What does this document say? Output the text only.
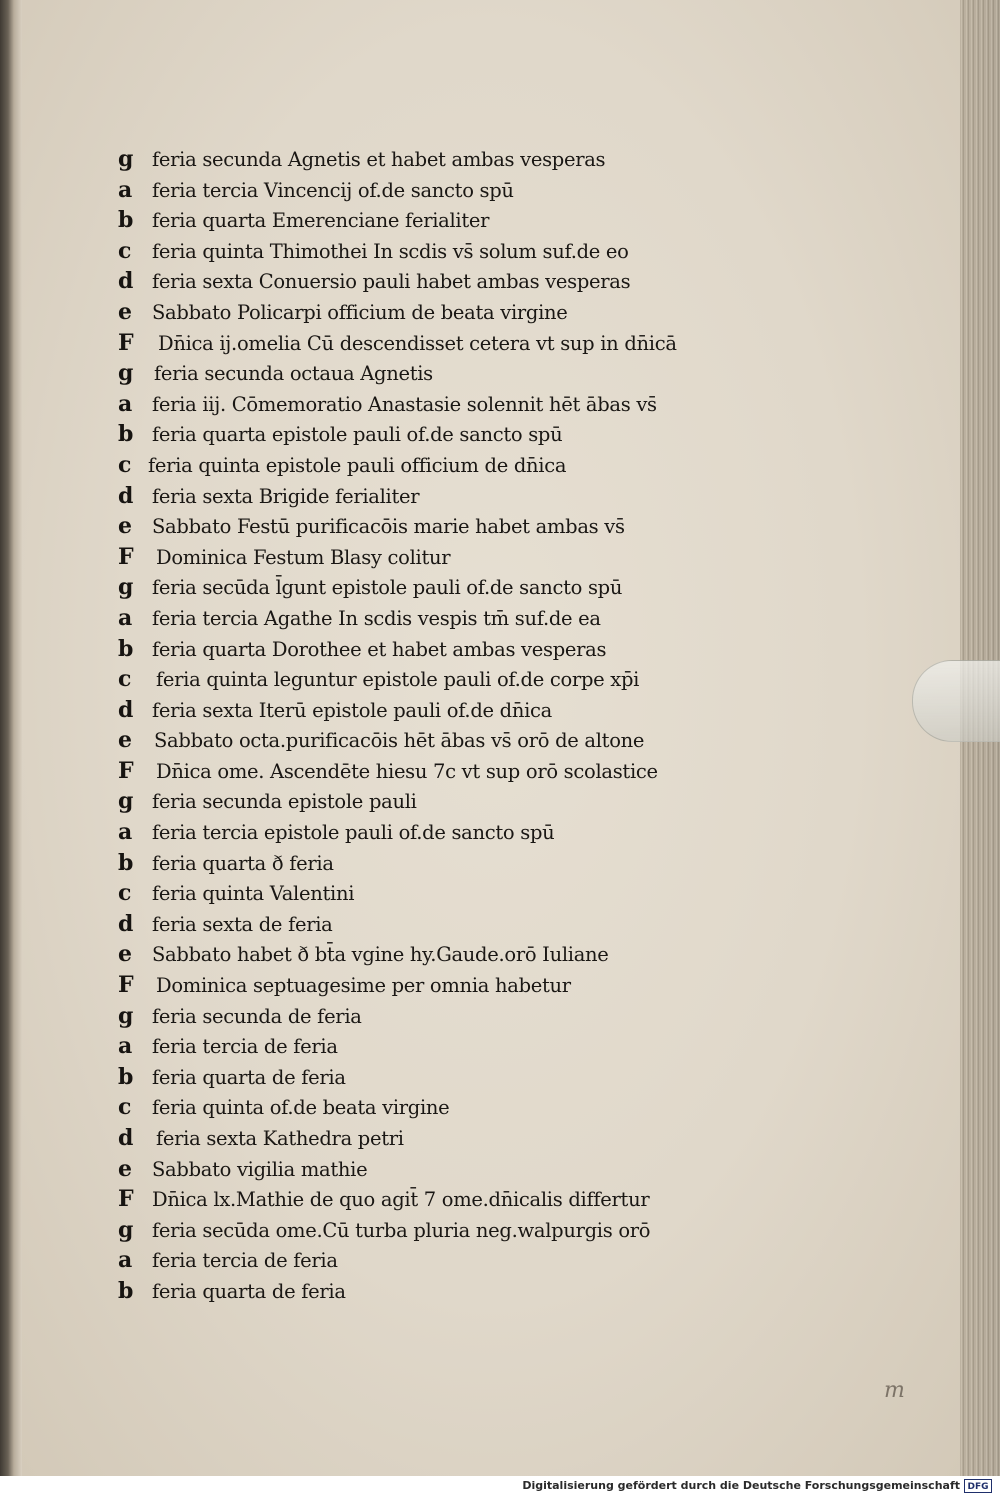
g feria secunda Agnetis et habet ambas vesperas
a	feria tercia Vincencij of.de sancto spū
b feria quarta Emerenciane ferialiter
c	feria quinta Thimothei In scdis vs̄ solum suf.de eo
d feria sexta Conuersio pauli habet ambas vesperas
e	Sabbato Policarpi officium de beata virgine
F	Dn̄ica ij.omelia Cū descendisset cetera vt sup in dn̄icā
g	feria secunda octaua Agnetis
a	feria iij. Cōmemoratio Anastasie solennit hēt ābas vs̄
b feria quarta epistole pauli of.de sancto spū
c feria quinta epistole pauli officium de dn̄ica
d feria sexta Brigide ferialiter
e	Sabbato Festū purificacōis marie habet ambas vs̄
F	Dominica Festum Blasy colitur
g feria secūda l̄gunt epistole pauli of.de sancto spū
a	feria tercia Agathe In scdis vespis tm̄ suf.de ea
b feria quarta Dorothee et habet ambas vesperas
c	feria quinta leguntur epistole pauli of.de corpe xp̄i
d feria sexta Iterū epistole pauli of.de dn̄ica
e	Sabbato octa.purificacōis hēt ābas vs̄ orō de altone
F	Dn̄ica ome. Ascendēte hiesu 7c vt sup orō scolastice
g feria secunda epistole pauli
a	feria tercia epistole pauli of.de sancto spū
b feria quarta ð feria
c	feria quinta Valentini
d feria sexta de feria
e	Sabbato habet ð bt̄a vgine hy.Gaude.orō Iuliane
F	Dominica septuagesime per omnia habetur
g feria secunda de feria
a	feria tercia de feria
b feria quarta de feria
c	feria quinta of.de beata virgine
d	feria sexta Kathedra petri
e	Sabbato vigilia mathie
F Dn̄ica lx.Mathie de quo agit̄ 7 ome.dn̄icalis differtur
g feria secūda ome.Cū turba pluria neg.walpurgis orō
a	feria tercia de feria
b feria quarta de feria
m
Digitalisierung gefördert durch die Deutsche Forschungsgemeinschaft DFG
